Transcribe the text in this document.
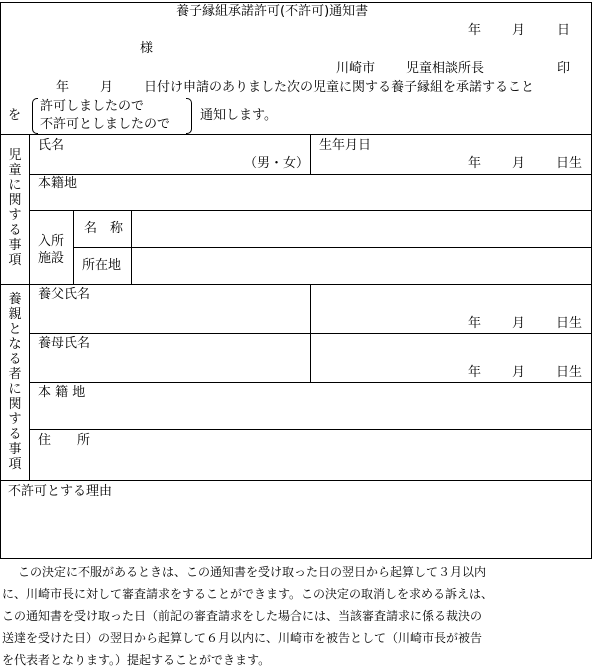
養子縁組承諾許可(不許可)通知書
年 月 日
様
川崎市 児童相談所長	印
年 月 日付け申請のありました次の児童に関する養子縁組を承諾すること
を
許可しましたので
不許可としましたので
通知します。
児童に関する事項
氏名
（男・女）
生年月日
年 月 日生
本籍地
入所施設
名　称
所在地
養親となる者に関する事項
養父氏名
年 月 日生
養母氏名
年 月 日生
本 籍 地
住　　所
不許可とする理由
この決定に不服があるときは、この通知書を受け取った日の翌日から起算して３月以内
に、川崎市長に対して審査請求をすることができます。この決定の取消しを求める訴えは、
この通知書を受け取った日（前記の審査請求をした場合には、当該審査請求に係る裁決の
送達を受けた日）の翌日から起算して６月以内に、川崎市を被告として（川崎市長が被告
を代表者となります。）提起することができます。
